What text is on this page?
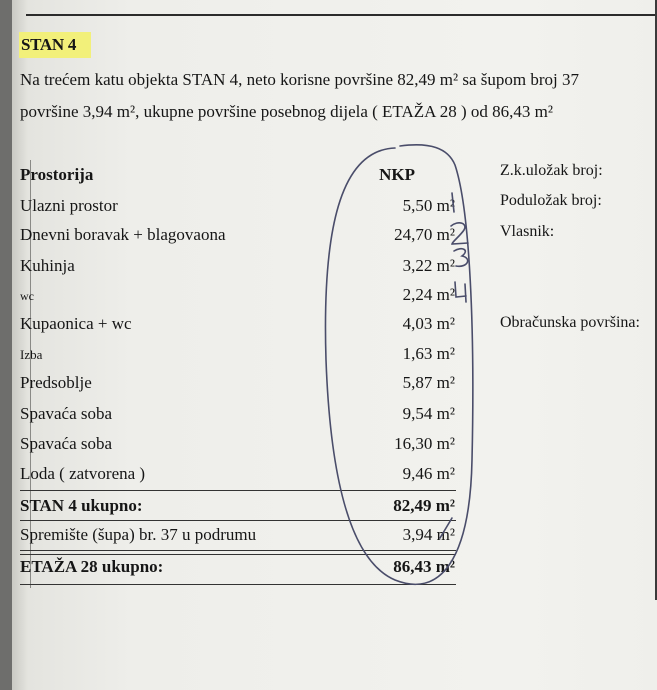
STAN 4
Na trećem katu objekta STAN 4, neto korisne površine 82,49 m² sa šupom broj 37
površine 3,94 m², ukupne površine posebnog dijela ( ETAŽA 28 ) od 86,43 m²
Prostorija	NKP
Ulazni prostor	5,50 m²
Dnevni boravak + blagovaona	24,70 m²
Kuhinja	3,22 m²
wc	2,24 m²
Kupaonica + wc	4,03 m²
Izba	1,63 m²
Predsoblje	5,87 m²
Spavaća soba	9,54 m²
Spavaća soba	16,30 m²
Loda ( zatvorena )	9,46 m²
STAN 4 ukupno:	82,49 m²
Spremište (šupa) br. 37 u podrumu	3,94 m²
ETAŽA 28 ukupno:	86,43 m²
Z.k.uložak broj:
Poduložak broj:
Vlasnik:
Obračunska površina:
